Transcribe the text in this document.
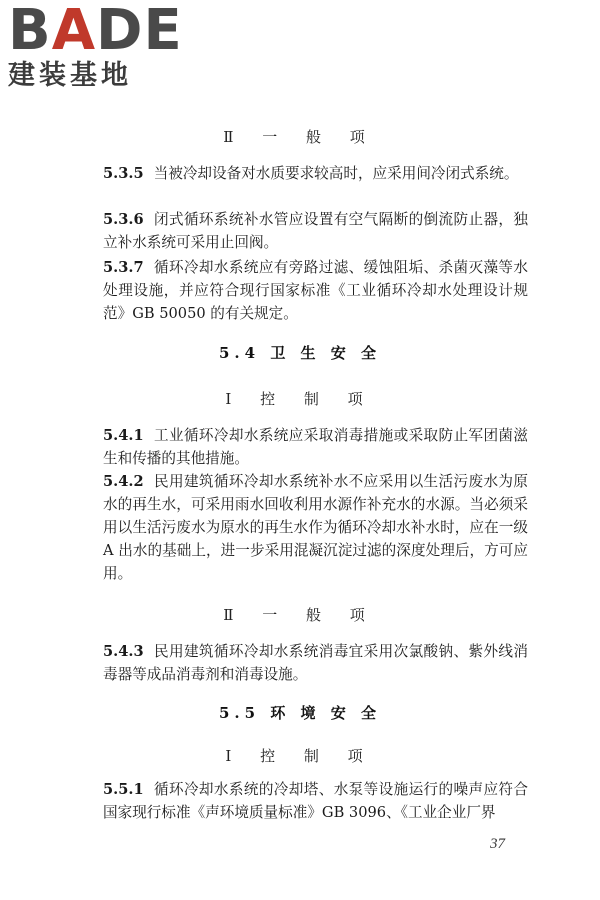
BADE
建装基地
Ⅱ 一 般 项
5.3.5 当被冷却设备对水质要求较高时，应采用间冷闭式系统。
5.3.6 闭式循环系统补水管应设置有空气隔断的倒流防止器，独立补水系统可采用止回阀。
5.3.7 循环冷却水系统应有旁路过滤、缓蚀阻垢、杀菌灭藻等水处理设施，并应符合现行国家标准《工业循环冷却水处理设计规范》GB 50050 的有关规定。
5.4 卫 生 安 全
Ⅰ 控 制 项
5.4.1 工业循环冷却水系统应采取消毒措施或采取防止军团菌滋生和传播的其他措施。
5.4.2 民用建筑循环冷却水系统补水不应采用以生活污废水为原水的再生水，可采用雨水回收利用水源作补充水的水源。当必须采用以生活污废水为原水的再生水作为循环冷却水补水时，应在一级 A 出水的基础上，进一步采用混凝沉淀过滤的深度处理后，方可应用。
Ⅱ 一 般 项
5.4.3 民用建筑循环冷却水系统消毒宜采用次氯酸钠、紫外线消毒器等成品消毒剂和消毒设施。
5.5 环 境 安 全
Ⅰ 控 制 项
5.5.1 循环冷却水系统的冷却塔、水泵等设施运行的噪声应符合国家现行标准《声环境质量标准》GB 3096、《工业企业厂界
37
